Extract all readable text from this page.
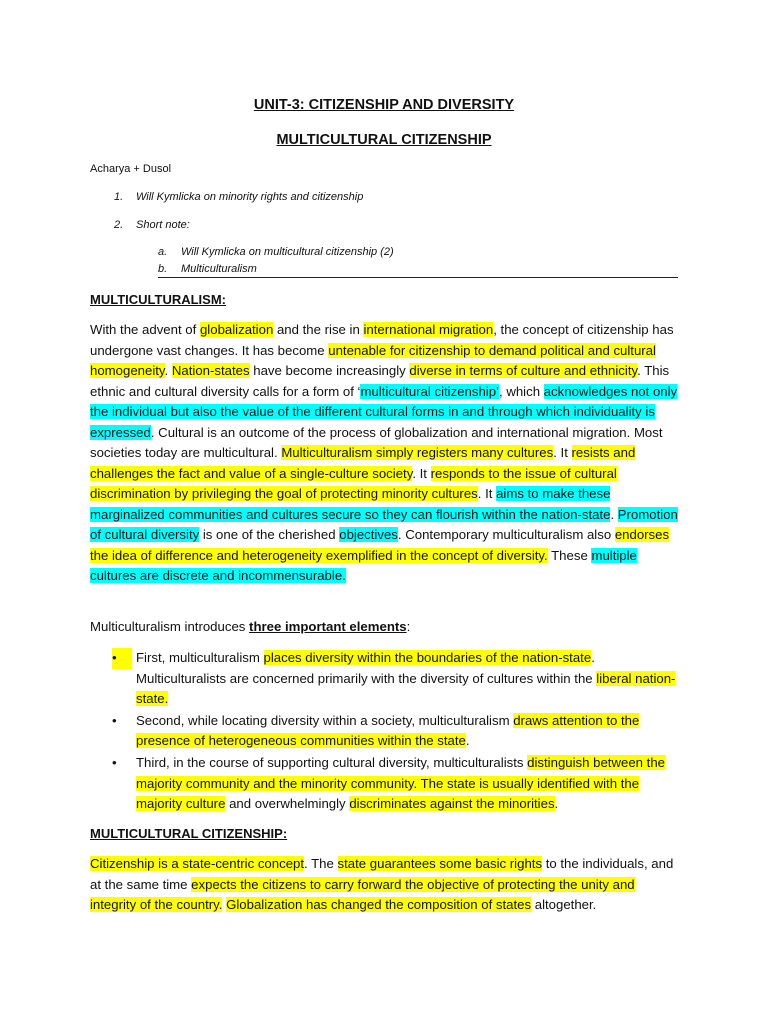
UNIT-3: CITIZENSHIP AND DIVERSITY
MULTICULTURAL CITIZENSHIP
Acharya + Dusol
1. Will Kymlicka on minority rights and citizenship
2. Short note:
a. Will Kymlicka on multicultural citizenship (2)
b. Multiculturalism
MULTICULTURALISM:
With the advent of globalization and the rise in international migration, the concept of citizenship has undergone vast changes. It has become untenable for citizenship to demand political and cultural homogeneity. Nation-states have become increasingly diverse in terms of culture and ethnicity. This ethnic and cultural diversity calls for a form of ‘multicultural citizenship’, which acknowledges not only the individual but also the value of the different cultural forms in and through which individuality is expressed. Cultural is an outcome of the process of globalization and international migration. Most societies today are multicultural. Multiculturalism simply registers many cultures. It resists and challenges the fact and value of a single-culture society. It responds to the issue of cultural discrimination by privileging the goal of protecting minority cultures. It aims to make these marginalized communities and cultures secure so they can flourish within the nation-state. Promotion of cultural diversity is one of the cherished objectives. Contemporary multiculturalism also endorses the idea of difference and heterogeneity exemplified in the concept of diversity. These multiple cultures are discrete and incommensurable.
Multiculturalism introduces three important elements:
•	First, multiculturalism places diversity within the boundaries of the nation-state. Multiculturalists are concerned primarily with the diversity of cultures within the liberal nation-state.
•	Second, while locating diversity within a society, multiculturalism draws attention to the presence of heterogeneous communities within the state.
•	Third, in the course of supporting cultural diversity, multiculturalists distinguish between the majority community and the minority community. The state is usually identified with the majority culture and overwhelmingly discriminates against the minorities.
MULTICULTURAL CITIZENSHIP:
Citizenship is a state-centric concept. The state guarantees some basic rights to the individuals, and at the same time expects the citizens to carry forward the objective of protecting the unity and integrity of the country. Globalization has changed the composition of states altogether.
